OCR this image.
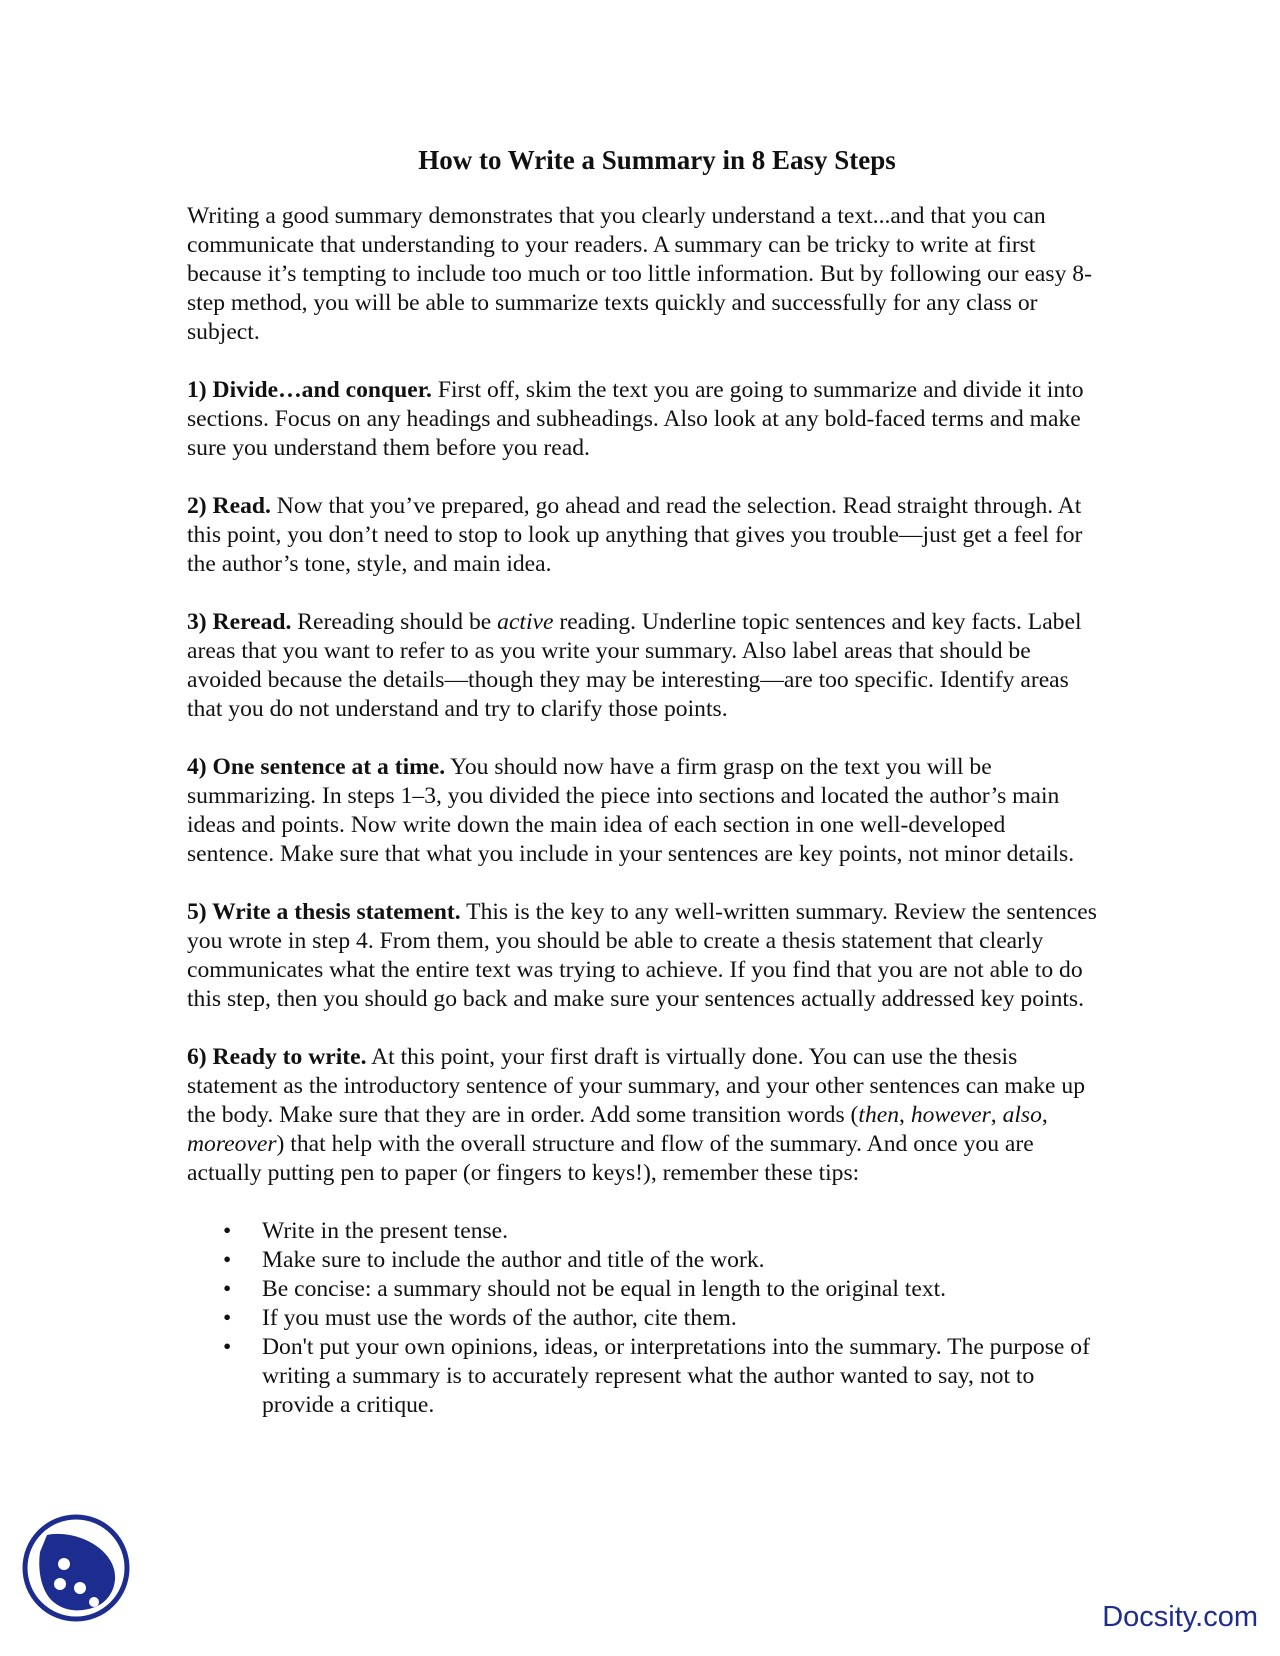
How to Write a Summary in 8 Easy Steps

Writing a good summary demonstrates that you clearly understand a text...and that you can communicate that understanding to your readers. A summary can be tricky to write at first because it’s tempting to include too much or too little information. But by following our easy 8-step method, you will be able to summarize texts quickly and successfully for any class or subject.

1) Divide…and conquer. First off, skim the text you are going to summarize and divide it into sections. Focus on any headings and subheadings. Also look at any bold-faced terms and make sure you understand them before you read.

2) Read. Now that you’ve prepared, go ahead and read the selection. Read straight through. At this point, you don’t need to stop to look up anything that gives you trouble—just get a feel for the author’s tone, style, and main idea.

3) Reread. Rereading should be active reading. Underline topic sentences and key facts. Label areas that you want to refer to as you write your summary. Also label areas that should be avoided because the details—though they may be interesting—are too specific. Identify areas that you do not understand and try to clarify those points.

4) One sentence at a time. You should now have a firm grasp on the text you will be summarizing. In steps 1–3, you divided the piece into sections and located the author’s main ideas and points. Now write down the main idea of each section in one well-developed sentence. Make sure that what you include in your sentences are key points, not minor details.

5) Write a thesis statement. This is the key to any well-written summary. Review the sentences you wrote in step 4. From them, you should be able to create a thesis statement that clearly communicates what the entire text was trying to achieve. If you find that you are not able to do this step, then you should go back and make sure your sentences actually addressed key points.

6) Ready to write. At this point, your first draft is virtually done. You can use the thesis statement as the introductory sentence of your summary, and your other sentences can make up the body. Make sure that they are in order. Add some transition words (then, however, also, moreover) that help with the overall structure and flow of the summary. And once you are actually putting pen to paper (or fingers to keys!), remember these tips:

• Write in the present tense.
• Make sure to include the author and title of the work.
• Be concise: a summary should not be equal in length to the original text.
• If you must use the words of the author, cite them.
• Don't put your own opinions, ideas, or interpretations into the summary. The purpose of writing a summary is to accurately represent what the author wanted to say, not to provide a critique.
Docsity.com
